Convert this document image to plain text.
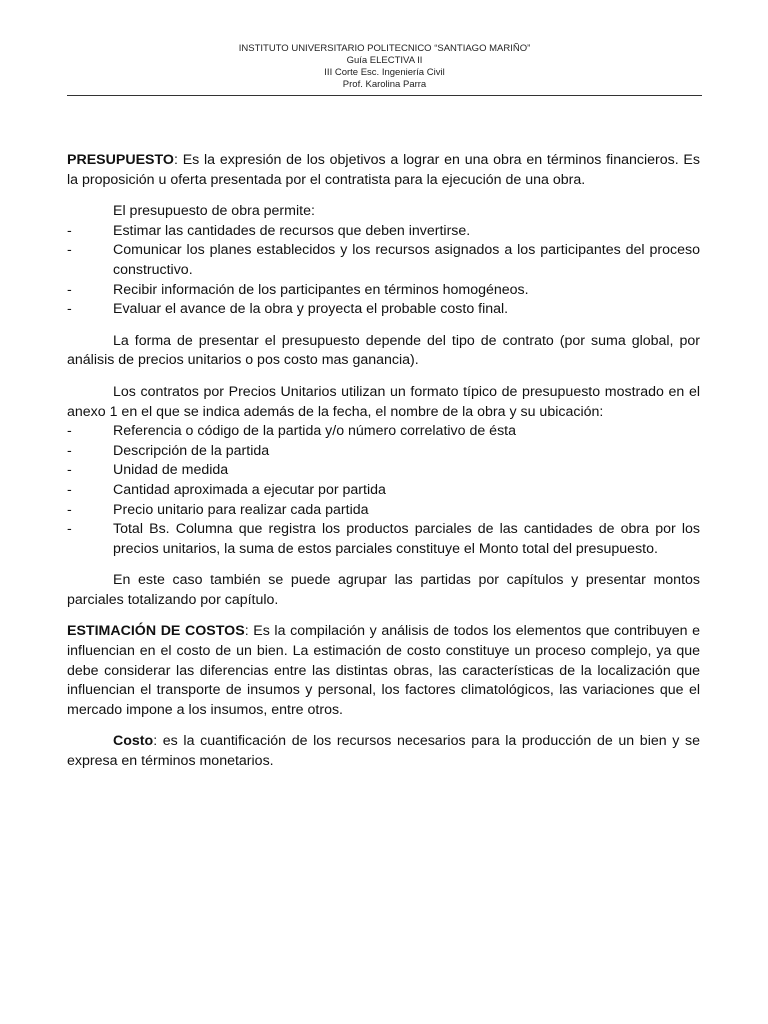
INSTITUTO UNIVERSITARIO POLITECNICO “SANTIAGO MARIÑO”
Guía ELECTIVA II
III Corte Esc. Ingeniería Civil
Prof. Karolina Parra

PRESUPUESTO: Es la expresión de los objetivos a lograr en una obra en términos financieros. Es la proposición u oferta presentada por el contratista para la ejecución de una obra.

El presupuesto de obra permite:

- Estimar las cantidades de recursos que deben invertirse.
- Comunicar los planes establecidos y los recursos asignados a los participantes del proceso constructivo.
- Recibir información de los participantes en términos homogéneos.
- Evaluar el avance de la obra y proyecta el probable costo final.

La forma de presentar el presupuesto depende del tipo de contrato (por suma global, por análisis de precios unitarios o pos costo mas ganancia).

Los contratos por Precios Unitarios utilizan un formato típico de presupuesto mostrado en el anexo 1 en el que se indica además de la fecha, el nombre de la obra y su ubicación:

- Referencia o código de la partida y/o número correlativo de ésta
- Descripción de la partida
- Unidad de medida
- Cantidad aproximada a ejecutar por partida
- Precio unitario para realizar cada partida
- Total Bs. Columna que registra los productos parciales de las cantidades de obra por los precios unitarios, la suma de estos parciales constituye el Monto total del presupuesto.

En este caso también se puede agrupar las partidas por capítulos y presentar montos parciales totalizando por capítulo.

ESTIMACIÓN DE COSTOS: Es la compilación y análisis de todos los elementos que contribuyen e influencian en el costo de un bien. La estimación de costo constituye un proceso complejo, ya que debe considerar las diferencias entre las distintas obras, las características de la localización que influencian el transporte de insumos y personal, los factores climatológicos, las variaciones que el mercado impone a los insumos, entre otros.

Costo: es la cuantificación de los recursos necesarios para la producción de un bien y se expresa en términos monetarios.
